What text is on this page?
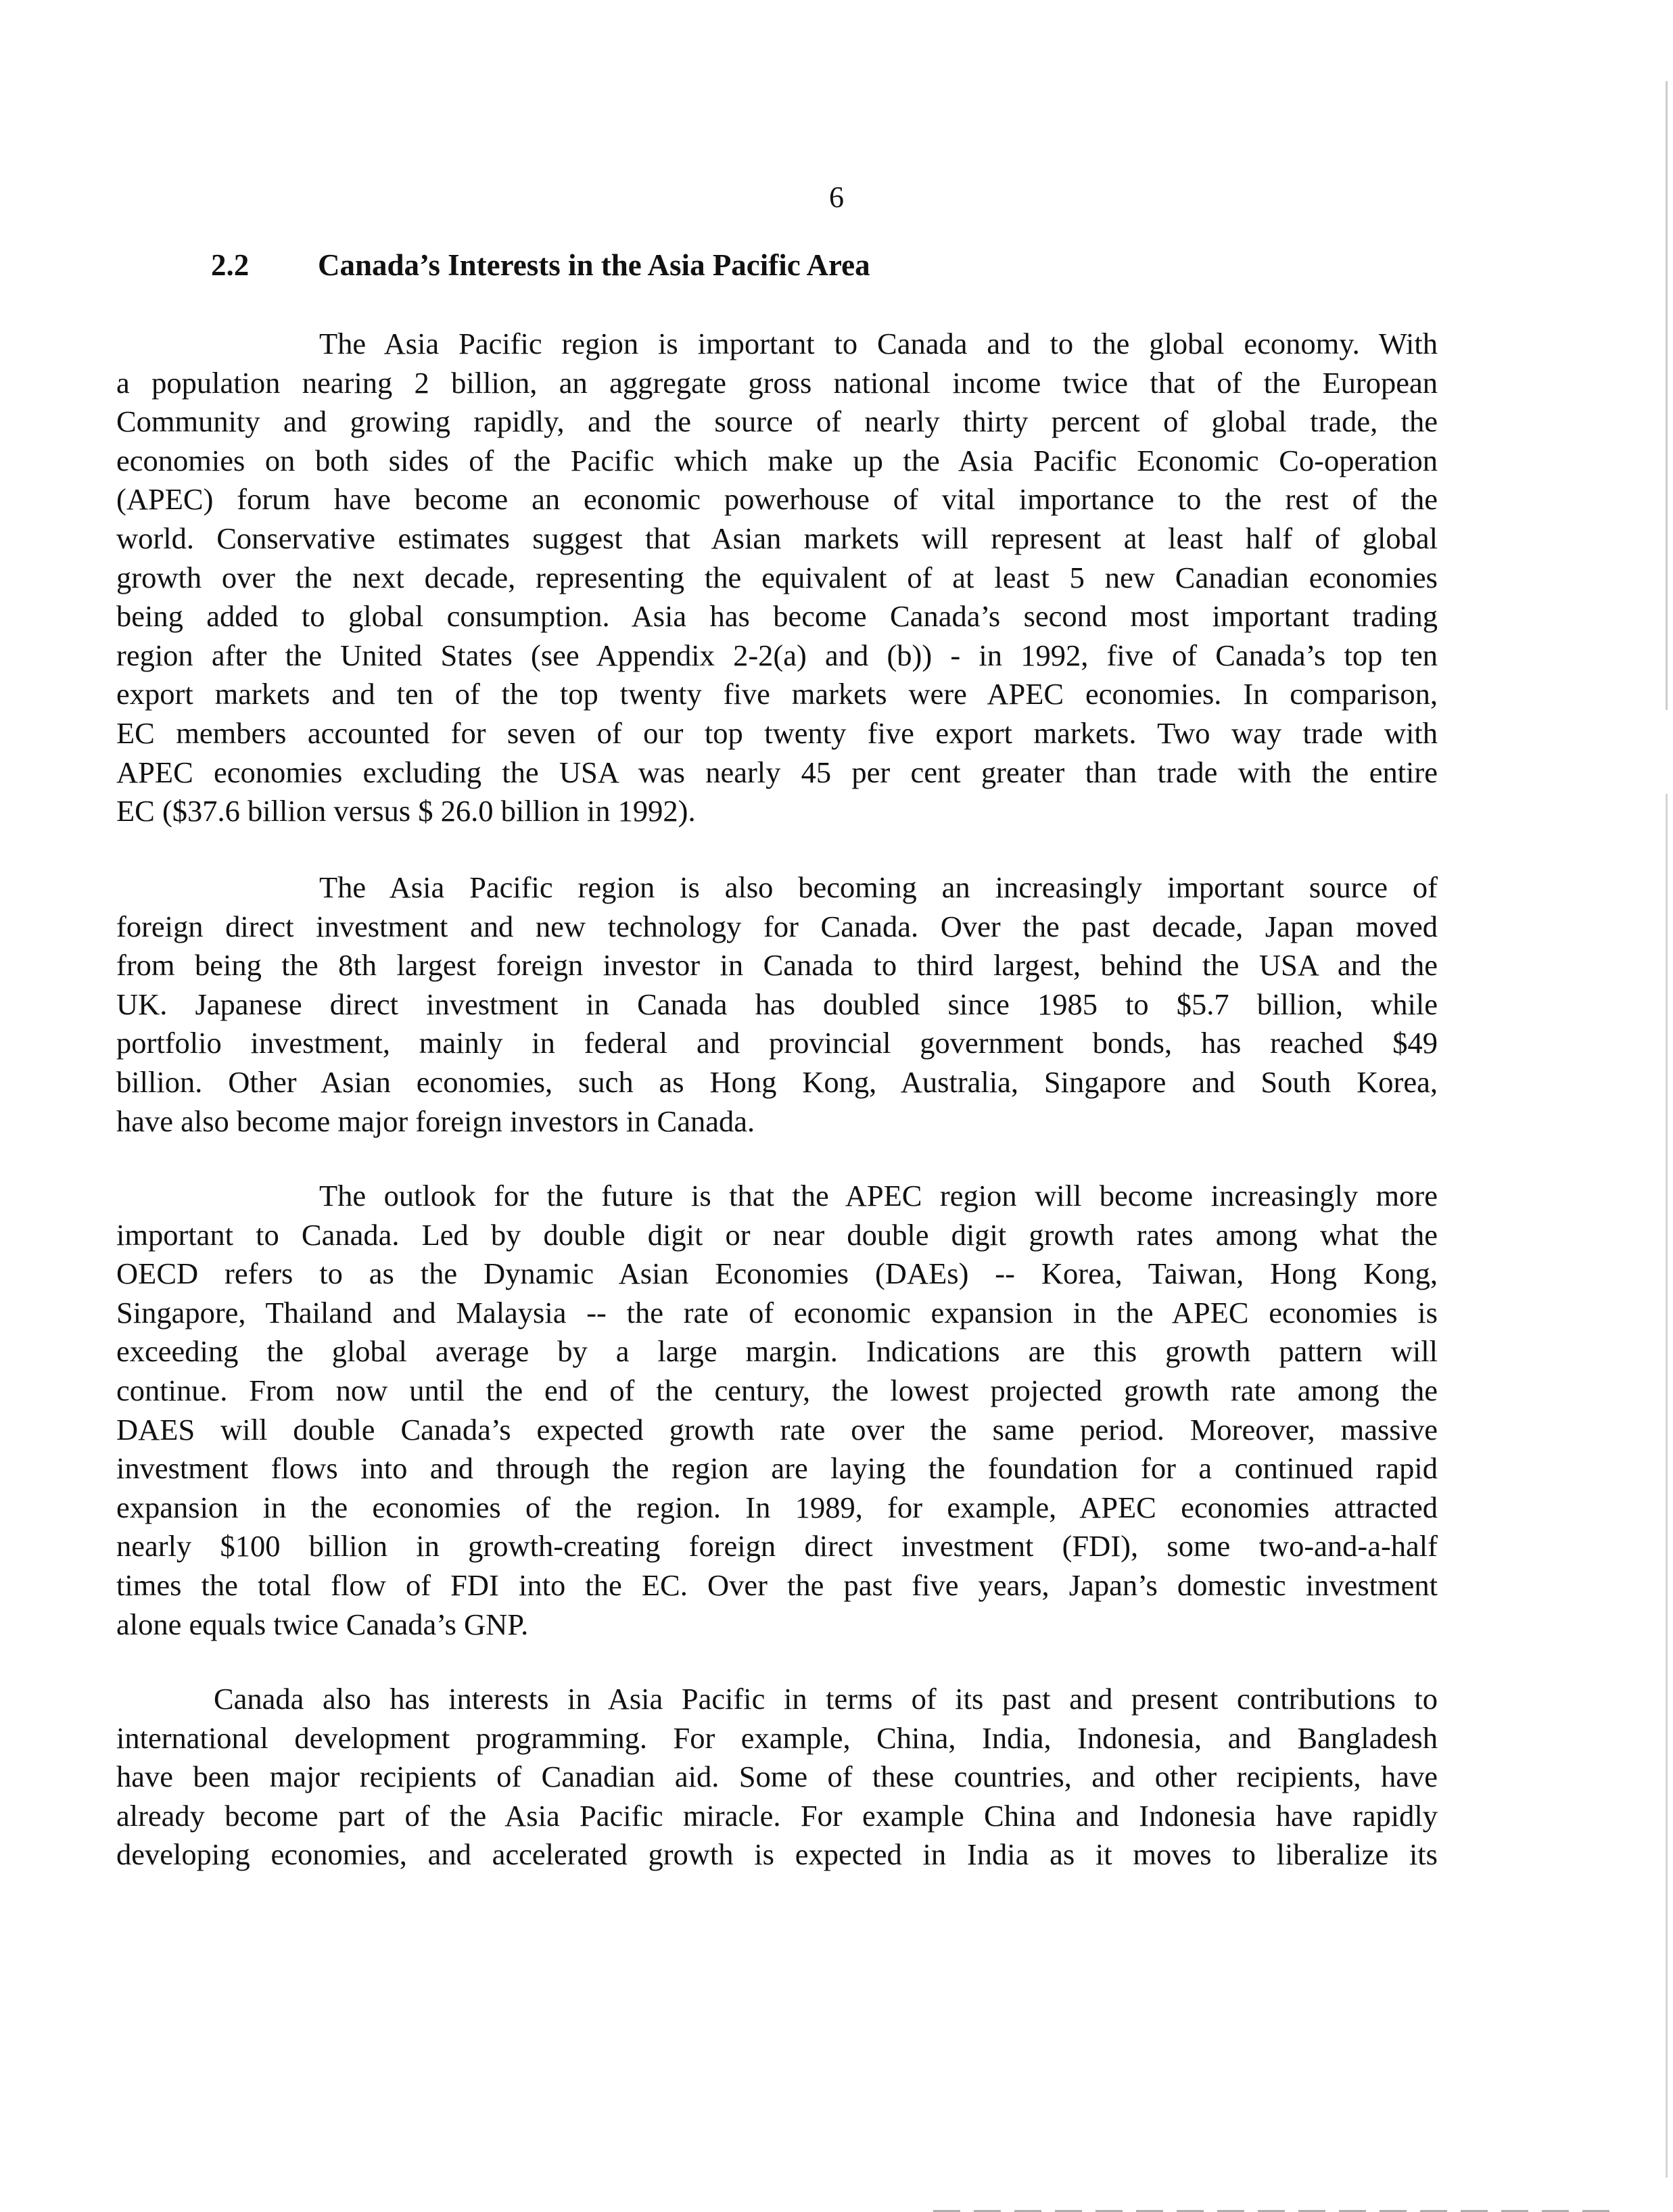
6
2.2 Canada’s Interests in the Asia Pacific Area
The Asia Pacific region is important to Canada and to the global economy. With
a population nearing 2 billion, an aggregate gross national income twice that of the European
Community and growing rapidly, and the source of nearly thirty percent of global trade, the
economies on both sides of the Pacific which make up the Asia Pacific Economic Co-operation
(APEC) forum have become an economic powerhouse of vital importance to the rest of the
world. Conservative estimates suggest that Asian markets will represent at least half of global
growth over the next decade, representing the equivalent of at least 5 new Canadian economies
being added to global consumption. Asia has become Canada’s second most important trading
region after the United States (see Appendix 2-2(a) and (b)) - in 1992, five of Canada’s top ten
export markets and ten of the top twenty five markets were APEC economies. In comparison,
EC members accounted for seven of our top twenty five export markets. Two way trade with
APEC economies excluding the USA was nearly 45 per cent greater than trade with the entire
EC ($37.6 billion versus $ 26.0 billion in 1992).
The Asia Pacific region is also becoming an increasingly important source of
foreign direct investment and new technology for Canada. Over the past decade, Japan moved
from being the 8th largest foreign investor in Canada to third largest, behind the USA and the
UK. Japanese direct investment in Canada has doubled since 1985 to $5.7 billion, while
portfolio investment, mainly in federal and provincial government bonds, has reached $49
billion. Other Asian economies, such as Hong Kong, Australia, Singapore and South Korea,
have also become major foreign investors in Canada.
The outlook for the future is that the APEC region will become increasingly more
important to Canada. Led by double digit or near double digit growth rates among what the
OECD refers to as the Dynamic Asian Economies (DAEs) -- Korea, Taiwan, Hong Kong,
Singapore, Thailand and Malaysia -- the rate of economic expansion in the APEC economies is
exceeding the global average by a large margin. Indications are this growth pattern will
continue. From now until the end of the century, the lowest projected growth rate among the
DAES will double Canada’s expected growth rate over the same period. Moreover, massive
investment flows into and through the region are laying the foundation for a continued rapid
expansion in the economies of the region. In 1989, for example, APEC economies attracted
nearly $100 billion in growth-creating foreign direct investment (FDI), some two-and-a-half
times the total flow of FDI into the EC. Over the past five years, Japan’s domestic investment
alone equals twice Canada’s GNP.
Canada also has interests in Asia Pacific in terms of its past and present contributions to
international development programming. For example, China, India, Indonesia, and Bangladesh
have been major recipients of Canadian aid. Some of these countries, and other recipients, have
already become part of the Asia Pacific miracle. For example China and Indonesia have rapidly
developing economies, and accelerated growth is expected in India as it moves to liberalize its
